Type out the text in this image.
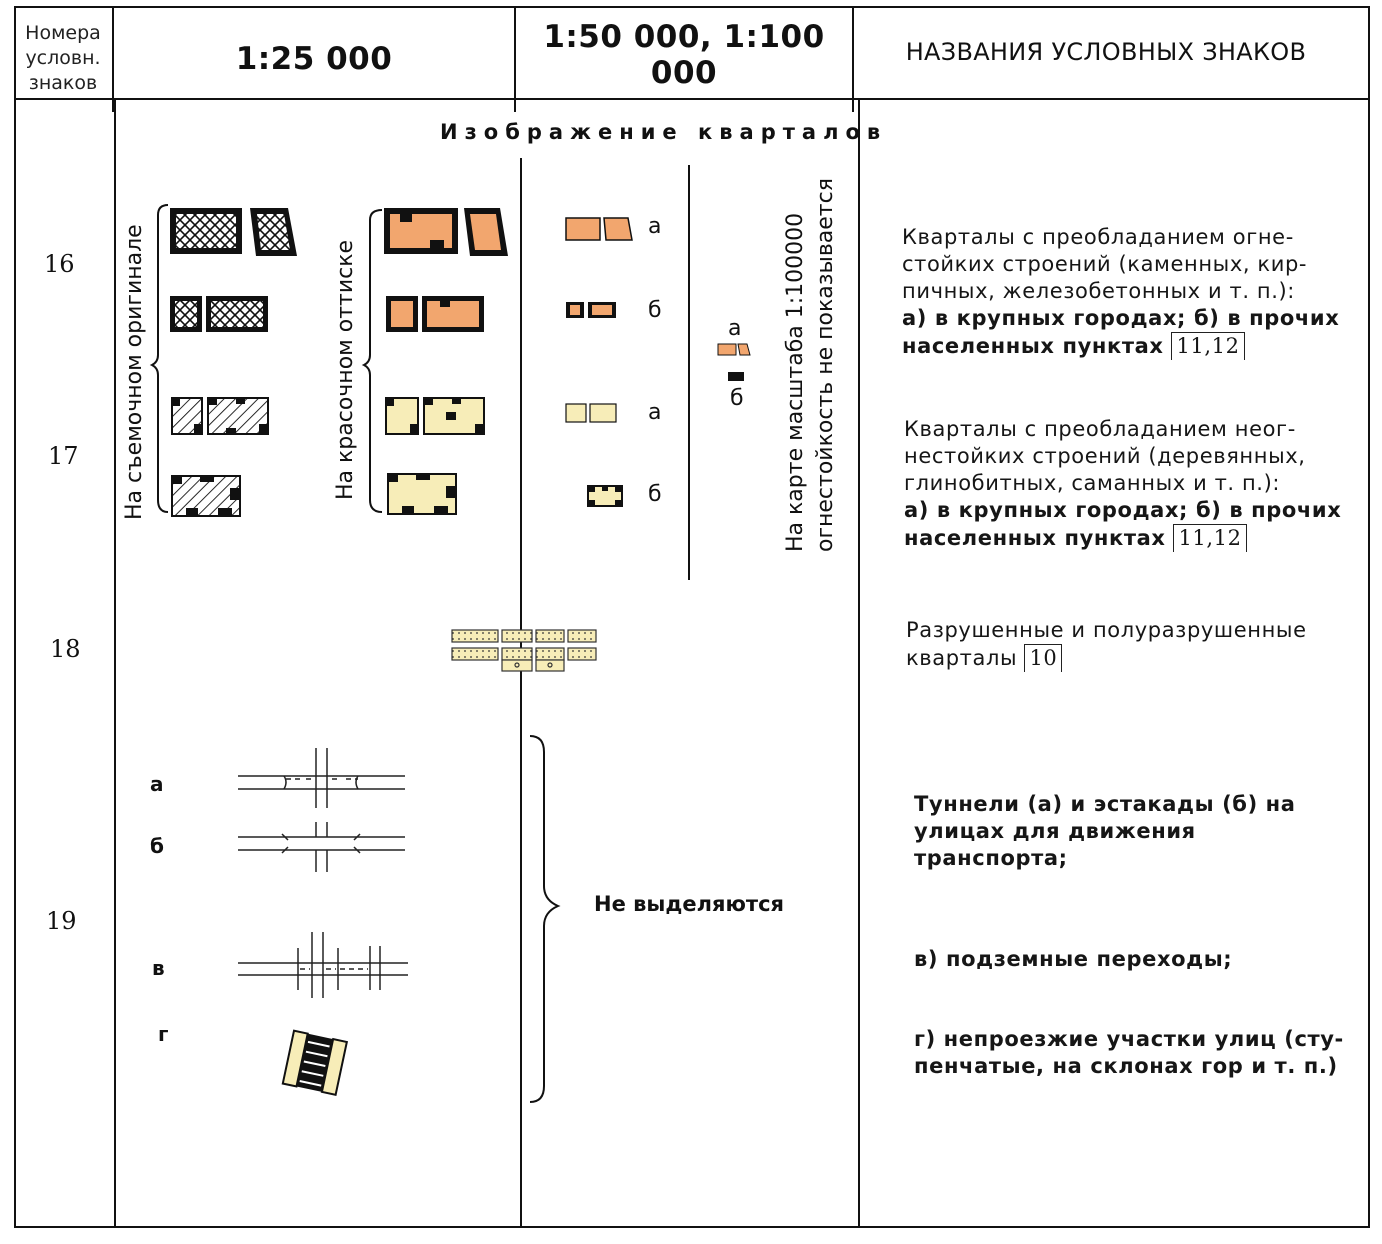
Номера
условн.
знаков
1:25 000
1:50 000, 1:100 000
НАЗВАНИЯ УСЛОВНЫХ ЗНАКОВ
Изображение кварталов
16
17
18
19
На съемочном оригинале	На красочном оттиске	На карте масштаба 1:100000 огнестойкость не показывается
а
б
а
б
а
б
а
б
в
г
Не выделяются
Кварталы с преобладанием огне-
стойких строений (каменных, кир-
пичных, железобетонных и т. п.):
а) в крупных городах; б) в прочих
населенных пунктах 11,12
Кварталы с преобладанием неог-
нестойких строений (деревянных,
глинобитных, саманных и т. п.):
а) в крупных городах; б) в прочих
населенных пунктах 11,12
Разрушенные и полуразрушенные
кварталы 10
Туннели (а) и эстакады (б) на
улицах для движения транспорта;
в) подземные переходы;
г) непроезжие участки улиц (сту-
пенчатые, на склонах гор и т. п.)
